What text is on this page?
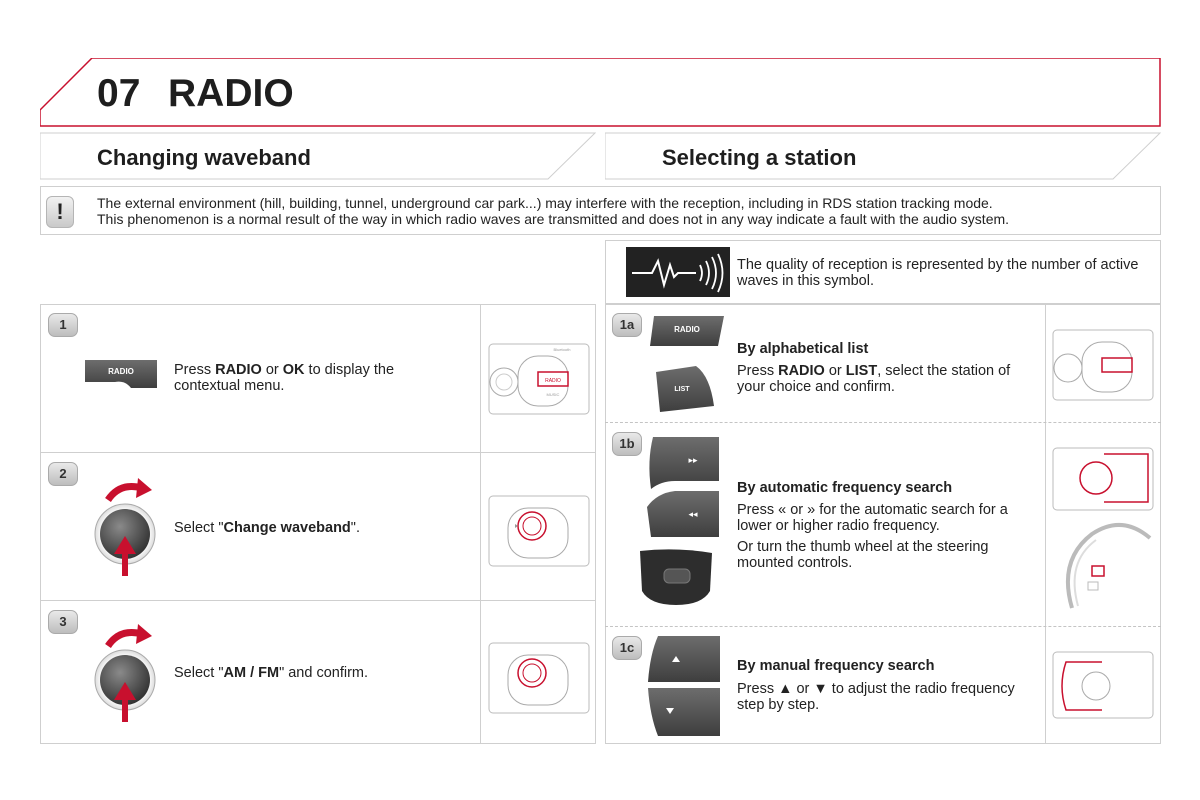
07 RADIO
Changing waveband	Selecting a station
!	The external environment (hill, building, tunnel, underground car park...) may interfere with the reception, including in RDS station tracking mode.
This phenomenon is a normal result of the way in which radio waves are transmitted and does not in any way indicate a fault with the audio system.
The quality of reception is represented by the number of active waves in this symbol.
1
RADIO	Press RADIO or OK to display the contextual menu.
2
Select "Change waveband".
3
Select "AM / FM" and confirm.
RADIO
MUSIC
Bluetooth
1a	RADIO
LIST
By alphabetical list
Press RADIO or LIST, select the station of your choice and confirm.
1b
▸▸
◂◂
By automatic frequency search
Press « or » for the automatic search for a lower or higher radio frequency.
Or turn the thumb wheel at the steering mounted controls.
1c
By manual frequency search
Press ▲ or ▼ to adjust the radio frequency step by step.
